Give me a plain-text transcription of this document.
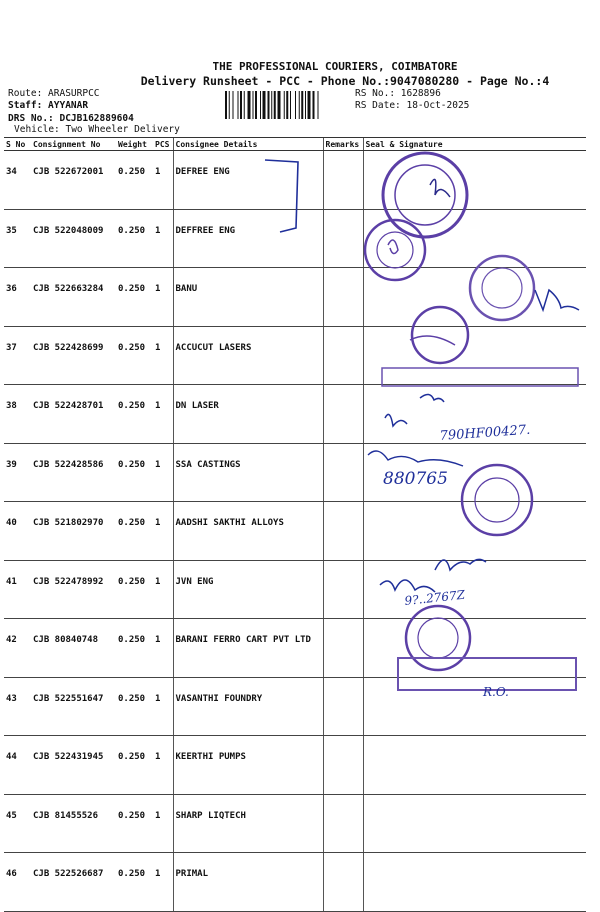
THE PROFESSIONAL COURIERS, COIMBATORE
Delivery Runsheet - PCC - Phone No.:9047080280 - Page No.:4
Route: ARASURPCC
Staff: AYYANAR
DRS No.: DCJB162889604
Vehicle: Two Wheeler Delivery
RS No.: 1628896
RS Date: 18-Oct-2025
S No	Consignment No	Weight	PCS	Consignee Details	Remarks	Seal & Signature
34	CJB 522672001	0.250	1	DEFREE ENG		
35	CJB 522048009	0.250	1	DEFFREE ENG		
36	CJB 522663284	0.250	1	BANU		
37	CJB 522428699	0.250	1	ACCUCUT LASERS		
38	CJB 522428701	0.250	1	DN LASER		
39	CJB 522428586	0.250	1	SSA CASTINGS		
40	CJB 521802970	0.250	1	AADSHI SAKTHI ALLOYS		
41	CJB 522478992	0.250	1	JVN ENG		
42	CJB 80840748	0.250	1	BARANI FERRO CART PVT LTD		
43	CJB 522551647	0.250	1	VASANTHI FOUNDRY		
44	CJB 522431945	0.250	1	KEERTHI PUMPS		
45	CJB 81455526	0.250	1	SHARP LIQTECH		
46	CJB 522526687	0.250	1	PRIMAL		
790HF00427.
880765
9?..2767Z
R.O.
